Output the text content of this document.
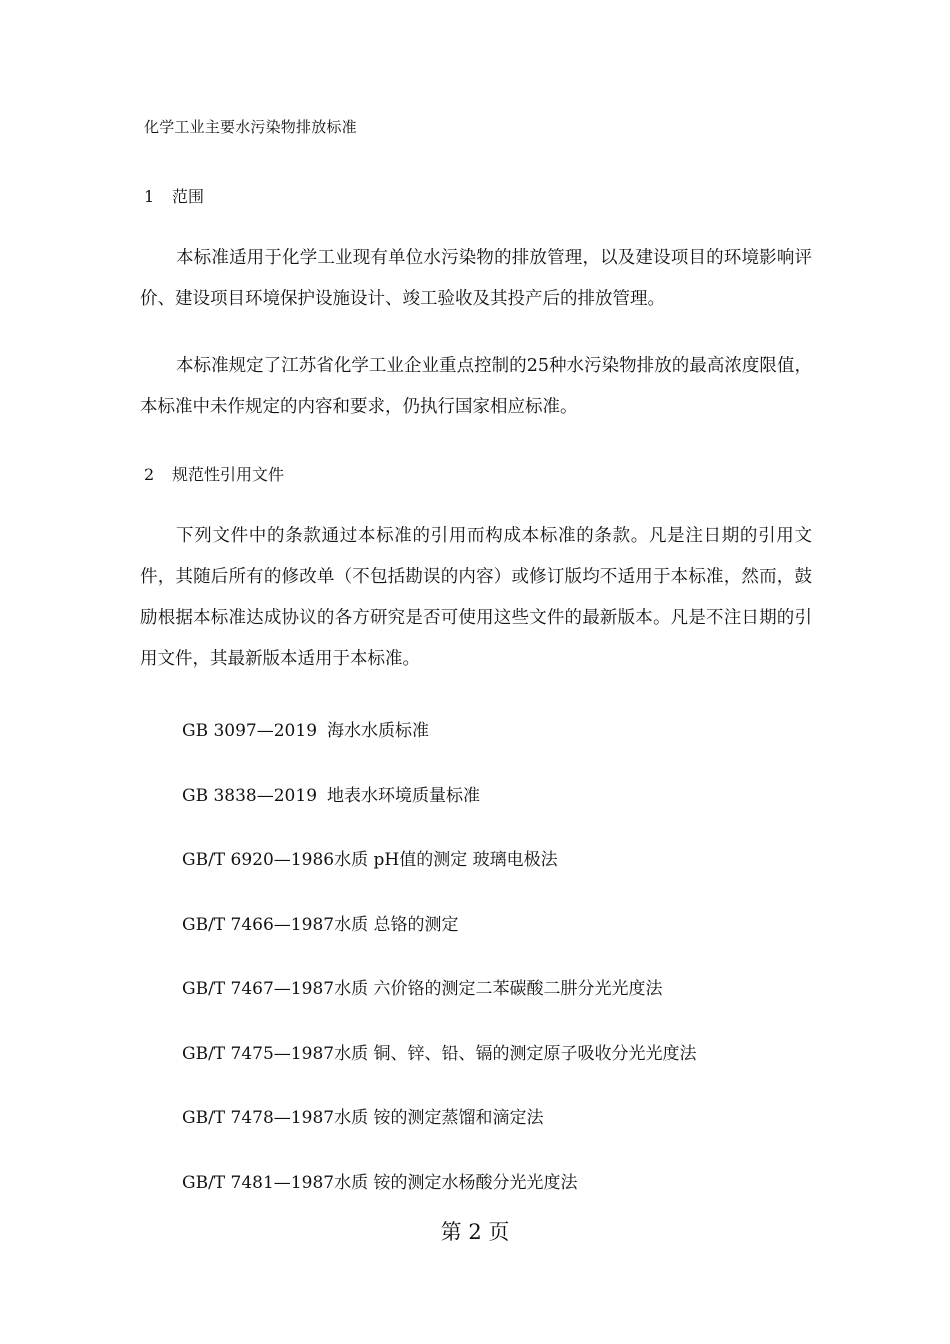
化学工业主要水污染物排放标准
1 范围

本标准适用于化学工业现有单位水污染物的排放管理，以及建设项目的环境影响评价、建设项目环境保护设施设计、竣工验收及其投产后的排放管理。

本标准规定了江苏省化学工业企业重点控制的25种水污染物排放的最高浓度限值，本标准中未作规定的内容和要求，仍执行国家相应标准。

2 规范性引用文件

下列文件中的条款通过本标准的引用而构成本标准的条款。凡是注日期的引用文件，其随后所有的修改单（不包括勘误的内容）或修订版均不适用于本标准，然而，鼓励根据本标准达成协议的各方研究是否可使用这些文件的最新版本。凡是不注日期的引用文件，其最新版本适用于本标准。

GB 3097—2019 海水水质标准
GB 3838—2019 地表水环境质量标准
GB/T 6920—1986水质 pH值的测定 玻璃电极法
GB/T 7466—1987水质 总铬的测定
GB/T 7467—1987水质 六价铬的测定二苯碳酸二肼分光光度法
GB/T 7475—1987水质 铜、锌、铅、镉的测定原子吸收分光光度法
GB/T 7478—1987水质 铵的测定蒸馏和滴定法
GB/T 7481—1987水质 铵的测定水杨酸分光光度法
第 2 页
